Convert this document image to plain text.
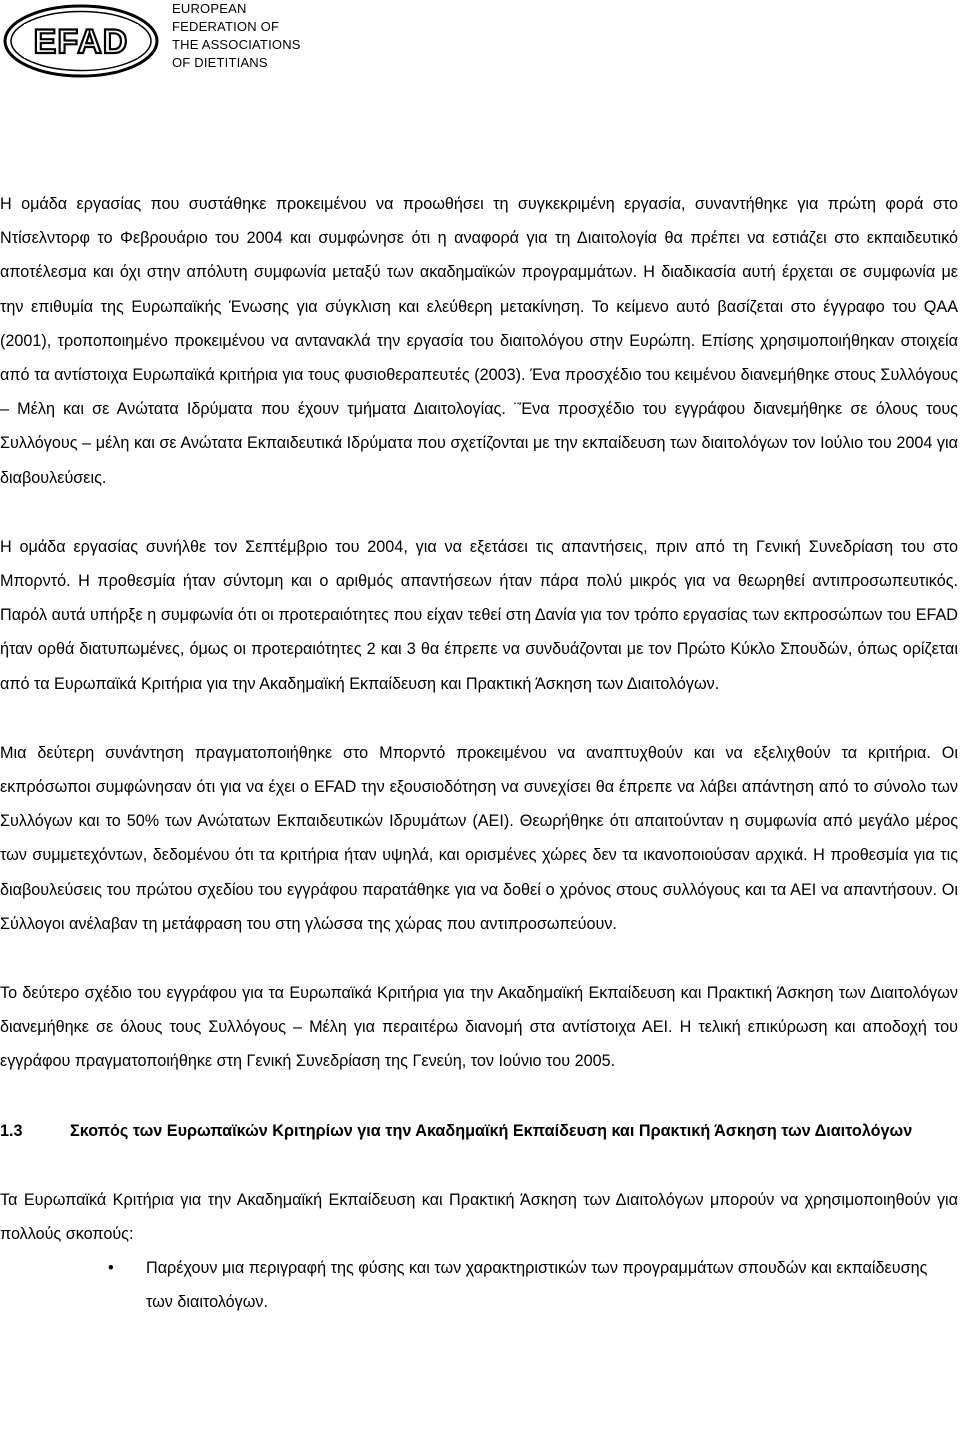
EFAD
EUROPEAN
FEDERATION OF
THE ASSOCIATIONS
OF DIETITIANS

Η ομάδα εργασίας που συστάθηκε προκειμένου να προωθήσει τη συγκεκριμένη εργασία, συναντήθηκε για πρώτη φορά στο Ντίσελντορφ το Φεβρουάριο του 2004 και συμφώνησε ότι η αναφορά για τη Διαιτολογία θα πρέπει να εστιάζει στο εκπαιδευτικό αποτέλεσμα και όχι στην απόλυτη συμφωνία μεταξύ των ακαδημαϊκών προγραμμάτων. Η διαδικασία αυτή έρχεται σε συμφωνία με την επιθυμία της Ευρωπαϊκής Ένωσης για σύγκλιση και ελεύθερη μετακίνηση. Το κείμενο αυτό βασίζεται στο έγγραφο του QAA (2001), τροποποιημένο προκειμένου να αντανακλά την εργασία του διαιτολόγου στην Ευρώπη. Επίσης χρησιμοποιήθηκαν στοιχεία από τα αντίστοιχα Ευρωπαϊκά κριτήρια για τους φυσιοθεραπευτές (2003). Ένα προσχέδιο του κειμένου διανεμήθηκε στους Συλλόγους – Μέλη και σε Ανώτατα Ιδρύματα που έχουν τμήματα Διαιτολογίας. ¨Ένα προσχέδιο του εγγράφου διανεμήθηκε σε όλους τους Συλλόγους – μέλη και σε Ανώτατα Εκπαιδευτικά Ιδρύματα που σχετίζονται με την εκπαίδευση των διαιτολόγων τον Ιούλιο του 2004 για διαβουλεύσεις.

Η ομάδα εργασίας συνήλθε τον Σεπτέμβριο του 2004, για να εξετάσει τις απαντήσεις, πριν από τη Γενική Συνεδρίαση του στο Μπορντό. Η προθεσμία ήταν σύντομη και ο αριθμός απαντήσεων ήταν πάρα πολύ μικρός για να θεωρηθεί αντιπροσωπευτικός. Παρόλ αυτά υπήρξε η συμφωνία ότι οι προτεραιότητες που είχαν τεθεί στη Δανία για τον τρόπο εργασίας των εκπροσώπων του EFAD ήταν ορθά διατυπωμένες, όμως οι προτεραιότητες 2 και 3 θα έπρεπε να συνδυάζονται με τον Πρώτο Κύκλο Σπουδών, όπως ορίζεται από τα Ευρωπαϊκά Κριτήρια για την Ακαδημαϊκή Εκπαίδευση και Πρακτική Άσκηση των Διαιτολόγων.

Μια δεύτερη συνάντηση πραγματοποιήθηκε στο Μπορντό προκειμένου να αναπτυχθούν και να εξελιχθούν τα κριτήρια. Οι εκπρόσωποι συμφώνησαν ότι για να έχει ο EFAD την εξουσιοδότηση να συνεχίσει θα έπρεπε να λάβει απάντηση από το σύνολο των Συλλόγων και το 50% των Ανώτατων Εκπαιδευτικών Ιδρυμάτων (ΑΕΙ). Θεωρήθηκε ότι απαιτούνταν η συμφωνία από μεγάλο μέρος των συμμετεχόντων, δεδομένου ότι τα κριτήρια ήταν υψηλά, και ορισμένες χώρες δεν τα ικανοποιούσαν αρχικά. Η προθεσμία για τις διαβουλεύσεις του πρώτου σχεδίου του εγγράφου παρατάθηκε για να δοθεί ο χρόνος στους συλλόγους και τα ΑΕΙ να απαντήσουν. Οι Σύλλογοι ανέλαβαν τη μετάφραση του στη γλώσσα της χώρας που αντιπροσωπεύουν.

Το δεύτερο σχέδιο του εγγράφου για τα Ευρωπαϊκά Κριτήρια για την Ακαδημαϊκή Εκπαίδευση και Πρακτική Άσκηση των Διαιτολόγων διανεμήθηκε σε όλους τους Συλλόγους – Μέλη για περαιτέρω διανομή στα αντίστοιχα ΑΕΙ. Η τελική επικύρωση και αποδοχή του εγγράφου πραγματοποιήθηκε στη Γενική Συνεδρίαση της Γενεύη, τον Ιούνιο του 2005.

1.3	Σκοπός των Ευρωπαϊκών Κριτηρίων για την Ακαδημαϊκή Εκπαίδευση και Πρακτική Άσκηση των Διαιτολόγων

Τα Ευρωπαϊκά Κριτήρια για την Ακαδημαϊκή Εκπαίδευση και Πρακτική Άσκηση των Διαιτολόγων μπορούν να χρησιμοποιηθούν για πολλούς σκοπούς:

•	Παρέχουν μια περιγραφή της φύσης και των χαρακτηριστικών των προγραμμάτων σπουδών και εκπαίδευσης των διαιτολόγων.
